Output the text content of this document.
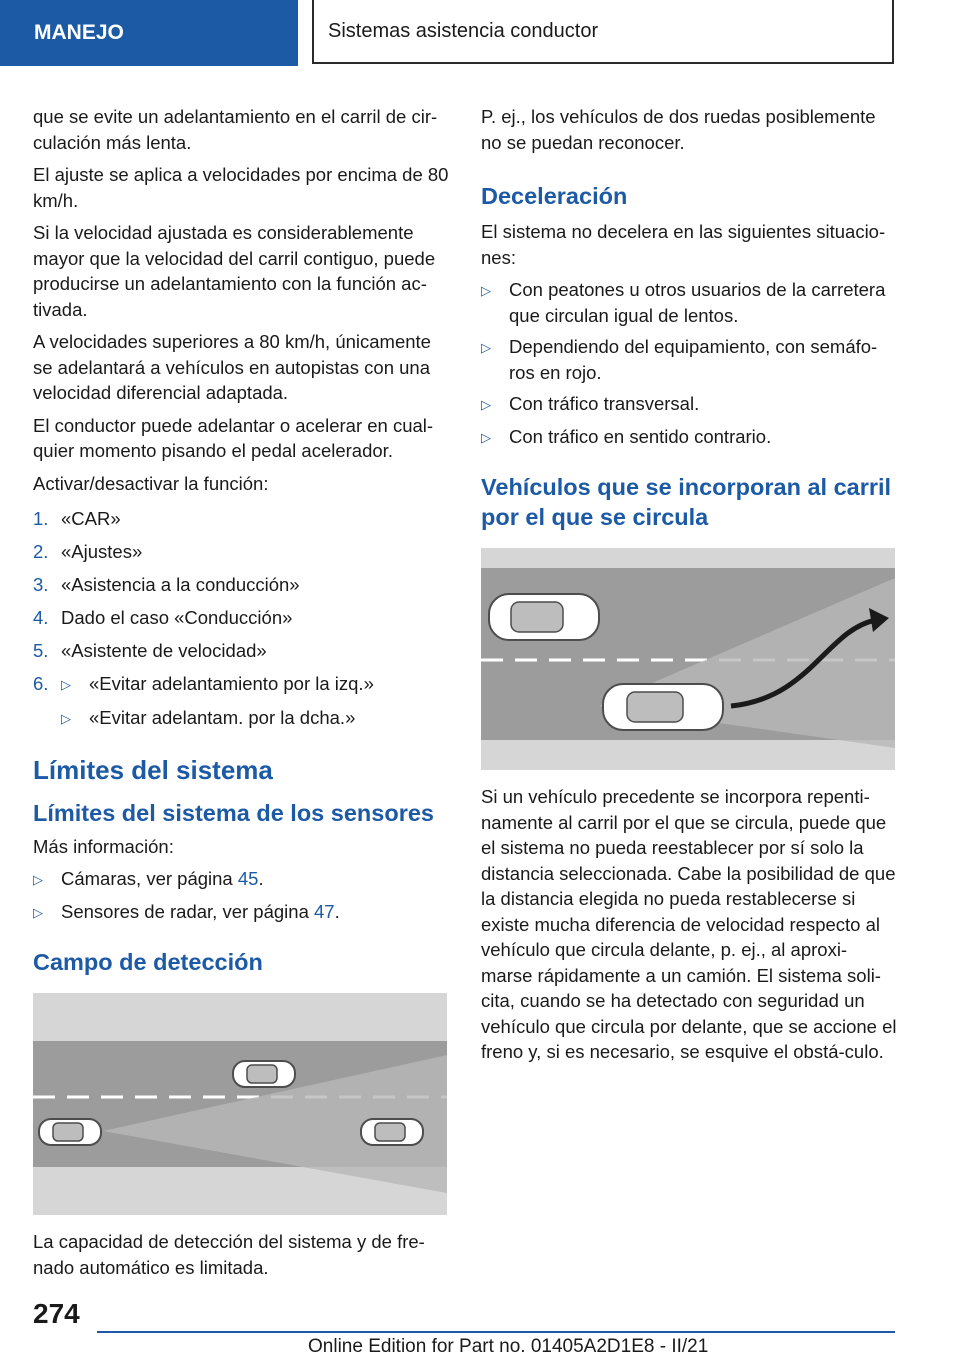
MANEJO	Sistemas asistencia conductor

que se evite un adelantamiento en el carril de cir-culación más lenta.

El ajuste se aplica a velocidades por encima de 80 km/h.

Si la velocidad ajustada es considerablemente mayor que la velocidad del carril contiguo, puede producirse un adelantamiento con la función ac-tivada.

A velocidades superiores a 80 km/h, únicamente se adelantará a vehículos en autopistas con una velocidad diferencial adaptada.

El conductor puede adelantar o acelerar en cual-quier momento pisando el pedal acelerador.

Activar/desactivar la función:

1. «CAR»
2. «Ajustes»
3. «Asistencia a la conducción»
4. Dado el caso «Conducción»
5. «Asistente de velocidad»
6. ▷ «Evitar adelantamiento por la izq.»
▷ «Evitar adelantam. por la dcha.»
Límites del sistema
Límites del sistema de los sensores

Más información:

▷ Cámaras, ver página 45.
▷ Sensores de radar, ver página 47.
Campo de detección

La capacidad de detección del sistema y de fre-nado automático es limitada.

P. ej., los vehículos de dos ruedas posiblemente no se puedan reconocer.

Deceleración

El sistema no decelera en las siguientes situacio-nes:

▷ Con peatones u otros usuarios de la carretera que circulan igual de lentos.
▷ Dependiendo del equipamiento, con semáfo-ros en rojo.
▷ Con tráfico transversal.
▷ Con tráfico en sentido contrario.
Vehículos que se incorporan al carril por el que se circula

Si un vehículo precedente se incorpora repenti-namente al carril por el que se circula, puede que el sistema no pueda reestablecer por sí solo la distancia seleccionada. Cabe la posibilidad de que la distancia elegida no pueda restablecerse si existe mucha diferencia de velocidad respecto al vehículo que circula delante, p. ej., al aproxi-marse rápidamente a un camión. El sistema soli-cita, cuando se ha detectado con seguridad un vehículo que circula por delante, que se accione el freno y, si es necesario, se esquive el obstá-culo.

274
Online Edition for Part no. 01405A2D1E8 - II/21
